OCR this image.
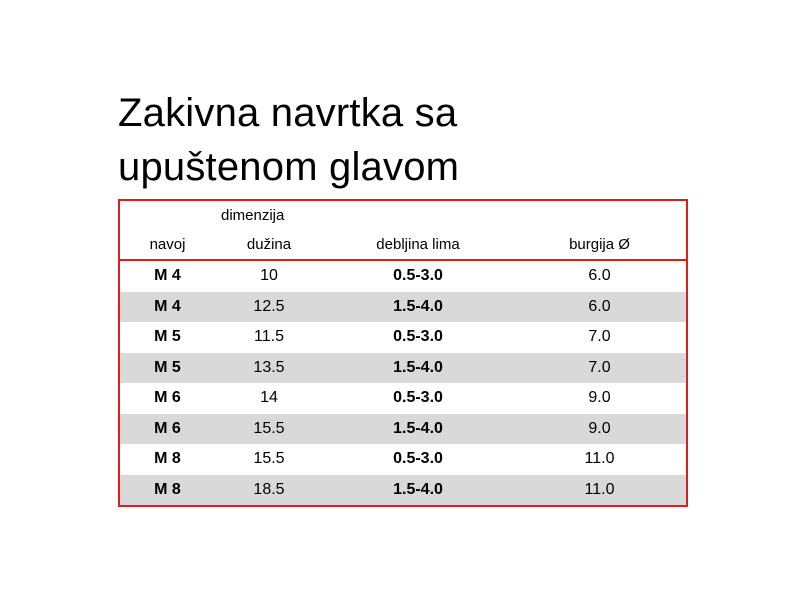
Zakivna navrtka sa
upuštenom glavom
	dimenzija		
navoj	dužina	debljina lima	burgija Ø
M 4	10	0.5-3.0	6.0
M 4	12.5	1.5-4.0	6.0
M 5	11.5	0.5-3.0	7.0
M 5	13.5	1.5-4.0	7.0
M 6	14	0.5-3.0	9.0
M 6	15.5	1.5-4.0	9.0
M 8	15.5	0.5-3.0	11.0
M 8	18.5	1.5-4.0	11.0
